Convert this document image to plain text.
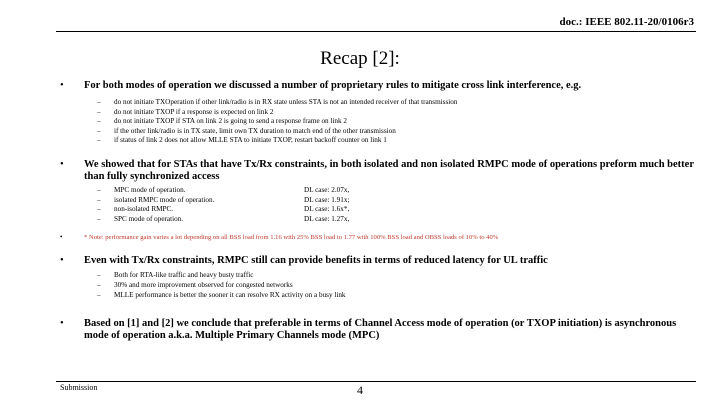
doc.: IEEE 802.11-20/0106r3
Recap [2]:
• For both modes of operation we discussed a number of proprietary rules to mitigate cross link interference, e.g.
– do not initiate TXOperation if other link/radio is in RX state unless STA is not an intended receiver of that transmission
– do not initiate TXOP if a response is expected on link 2
– do not initiate TXOP if STA on link 2 is going to send a response frame on link 2
– if the other link/radio is in TX state, limit own TX duration to match end of the other transmission
– if status of link 2 does not allow MLLE STA to initiate TXOP, restart backoff counter on link 1
• We showed that for STAs that have Tx/Rx constraints, in both isolated and non isolated RMPC mode of operations preform much better than fully synchronized access
– MPC mode of operation.	DL case: 2.07x,
– isolated RMPC mode of operation.	DL case: 1.91x;
– non-isolated RMPC.	DL case: 1.6x*,
– SPC mode of operation.	DL case: 1.27x,
•	* Note: performance gain varies a lot depending on all BSS load from 1.16 with 25% BSS load to 1.77 with 100% BSS load and OBSS loads of 10% to 40%
• Even with Tx/Rx constraints, RMPC still can provide benefits in terms of reduced latency for UL traffic
– Both for RTA-like traffic and heavy busty traffic
– 30% and more improvement observed for congested networks
– MLLE performance is better the sooner it can resolve RX activity on a busy link
• Based on [1] and [2] we conclude that preferable in terms of Channel Access mode of operation (or TXOP initiation) is asynchronous mode of operation a.k.a. Multiple Primary Channels mode (MPC)
Submission	4
